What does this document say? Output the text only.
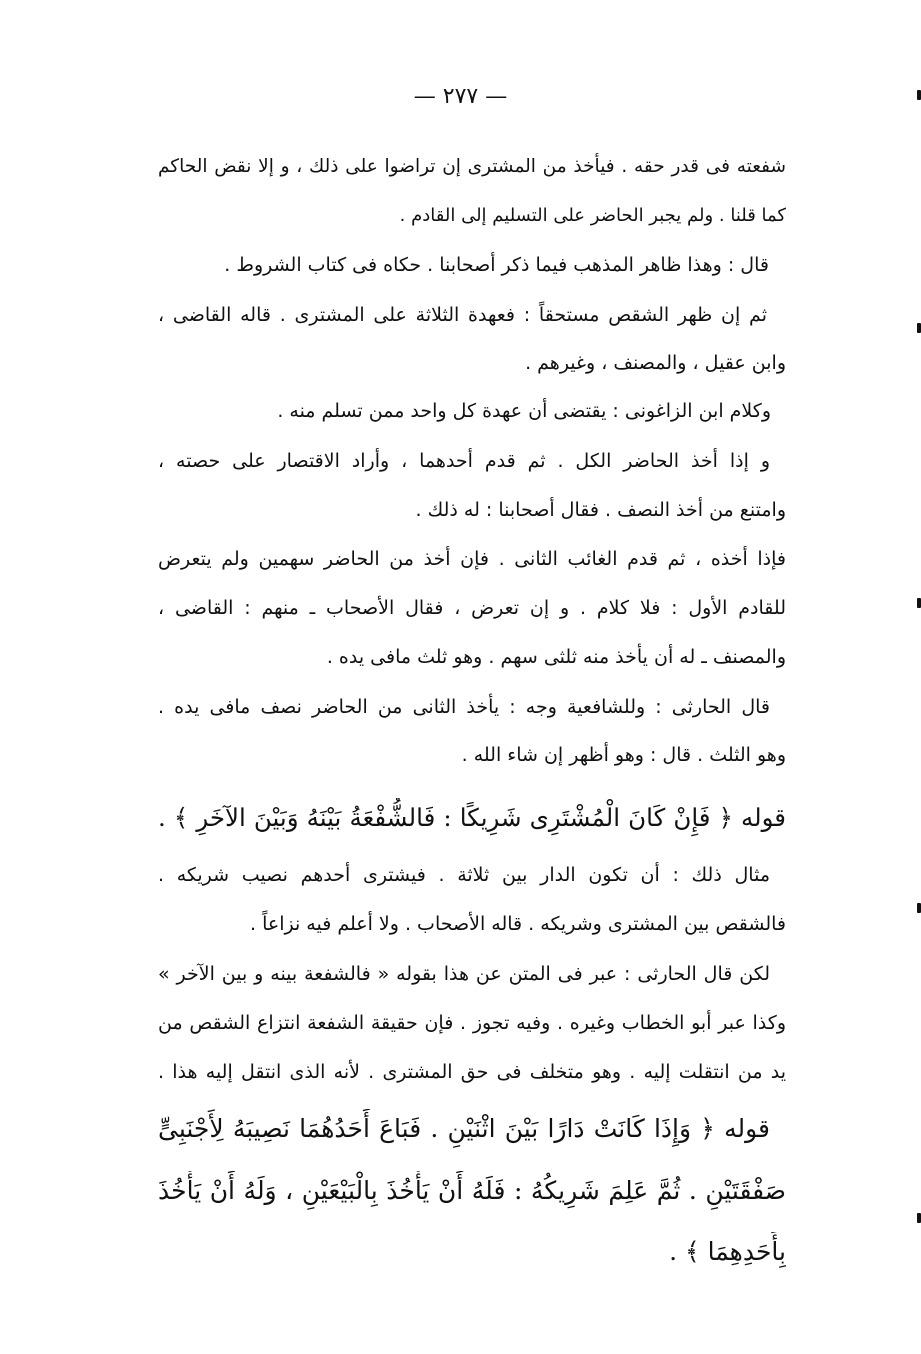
— ٢٧٧ —
شفعته فى قدر حقه . فيأخذ من المشترى إن تراضوا على ذلك ، و إلا نقض الحاكم
كما قلنا . ولم يجبر الحاضر على التسليم إلى القادم .
قال : وهذا ظاهر المذهب فيما ذكر أصحابنا . حكاه فى كتاب الشروط .
ثم إن ظهر الشقص مستحقاً : فعهدة الثلاثة على المشترى . قاله القاضى ،
وابن عقيل ، والمصنف ، وغيرهم .
وكلام ابن الزاغونى : يقتضى أن عهدة كل واحد ممن تسلم منه .
و إذا أخذ الحاضر الكل . ثم قدم أحدهما ، وأراد الاقتصار على حصته ،
وامتنع من أخذ النصف . فقال أصحابنا : له ذلك .
فإذا أخذه ، ثم قدم الغائب الثانى . فإن أخذ من الحاضر سهمين ولم يتعرض
للقادم الأول : فلا كلام . و إن تعرض ، فقال الأصحاب ـ منهم : القاضى ،
والمصنف ـ له أن يأخذ منه ثلثى سهم . وهو ثلث مافى يده .
قال الحارثى : وللشافعية وجه : يأخذ الثانى من الحاضر نصف مافى يده .
وهو الثلث . قال : وهو أظهر إن شاء الله .
قوله ﴿ فَإِنْ كَانَ الْمُشْتَرِى شَرِيكًا : فَالشُّفْعَةُ بَيْنَهُ وَبَيْنَ الآخَرِ ﴾ .
مثال ذلك : أن تكون الدار بين ثلاثة . فيشترى أحدهم نصيب شريكه .
فالشقص بين المشترى وشريكه . قاله الأصحاب . ولا أعلم فيه نزاعاً .
لكن قال الحارثى : عبر فى المتن عن هذا بقوله « فالشفعة بينه و بين الآخر »
وكذا عبر أبو الخطاب وغيره . وفيه تجوز . فإن حقيقة الشفعة انتزاع الشقص من
يد من انتقلت إليه . وهو متخلف فى حق المشترى . لأنه الذى انتقل إليه هذا .
قوله ﴿ وَإِذَا كَانَتْ دَارًا بَيْنَ اثْنَيْنِ . فَبَاعَ أَحَدُهُمَا نَصِيبَهُ لِأَجْنَبِىٍّ
صَفْقَتَيْنِ . ثُمَّ عَلِمَ شَرِيكُهُ : فَلَهُ أَنْ يَأْخُذَ بِالْبَيْعَيْنِ ، وَلَهُ أَنْ يَأْخُذَ
بِأَحَدِهِمَا ﴾ .
